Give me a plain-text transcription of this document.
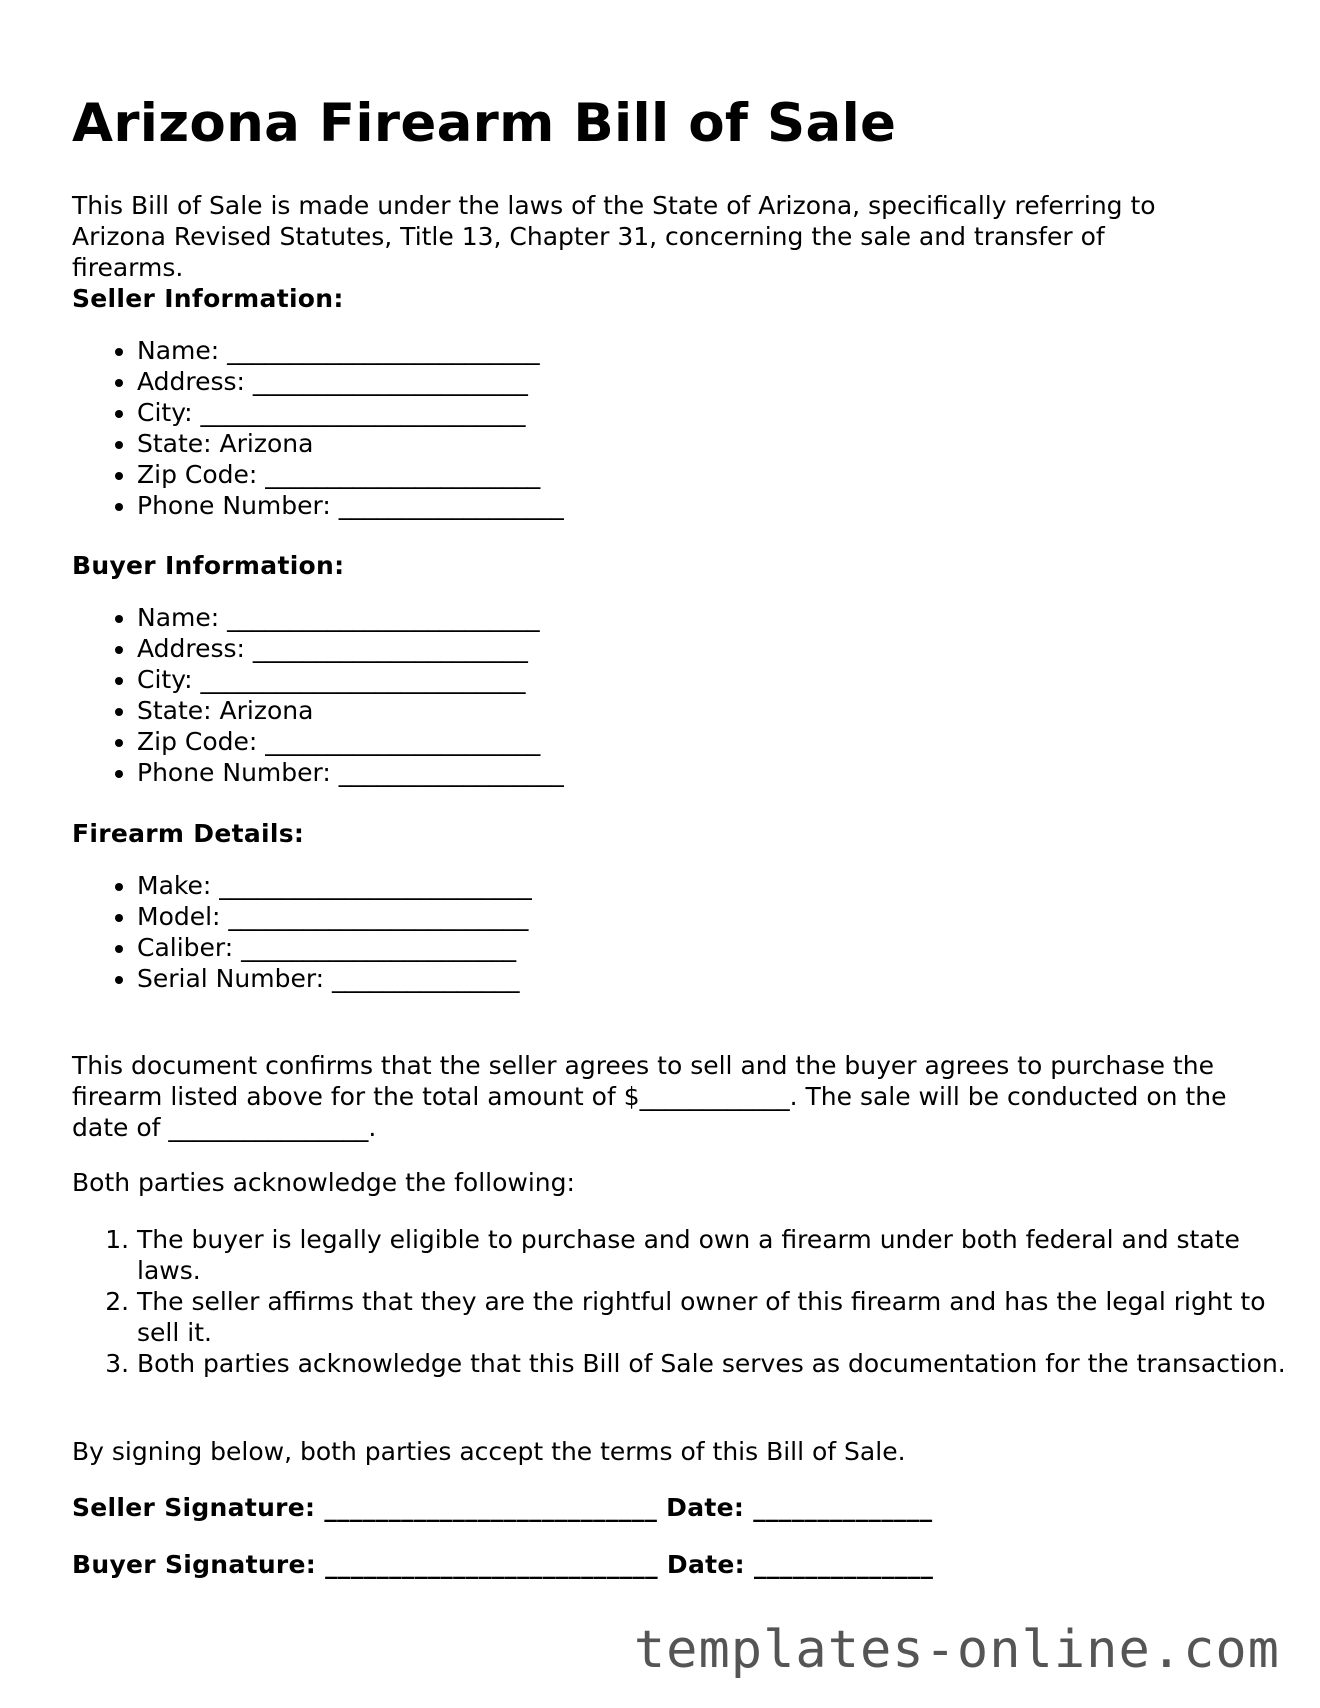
Arizona Firearm Bill of Sale

This Bill of Sale is made under the laws of the State of Arizona, specifically referring to Arizona Revised Statutes, Title 13, Chapter 31, concerning the sale and transfer of firearms.

Seller Information:

• Name: _________________________
• Address: ______________________
• City: __________________________
• State: Arizona
• Zip Code: ______________________
• Phone Number: __________________

Buyer Information:

• Name: _________________________
• Address: ______________________
• City: __________________________
• State: Arizona
• Zip Code: ______________________
• Phone Number: __________________

Firearm Details:

• Make: _________________________
• Model: ________________________
• Caliber: ______________________
• Serial Number: _______________

This document confirms that the seller agrees to sell and the buyer agrees to purchase the firearm listed above for the total amount of $____________. The sale will be conducted on the date of ________________.

Both parties acknowledge the following:

1. The buyer is legally eligible to purchase and own a firearm under both federal and state laws.
2. The seller affirms that they are the rightful owner of this firearm and has the legal right to sell it.
3. Both parties acknowledge that this Bill of Sale serves as documentation for the transaction.

By signing below, both parties accept the terms of this Bill of Sale.

Seller Signature: __________________________ Date: ______________

Buyer Signature: __________________________ Date: ______________

templates-online.com
